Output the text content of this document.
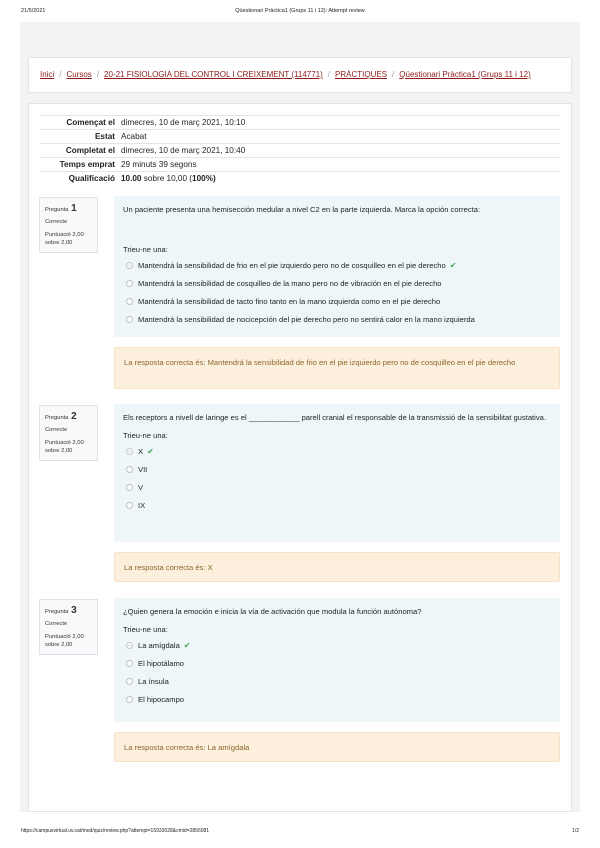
21/5/2021	Qüestionari Pràctica1 (Grups 11 i 12): Attempt review
Inici / Cursos / 20-21 FISIOLOGIA DEL CONTROL I CREIXEMENT (114771) / PRÀCTIQUES / Qüestionari Pràctica1 (Grups 11 i 12)
Començat el dimecres, 10 de març 2021, 10:10
Estat Acabat
Completat el dimecres, 10 de març 2021, 10:40
Temps emprat 29 minuts 39 segons
Qualificació 10.00 sobre 10,00 (100%)
Pregunta 1
Correcte
Puntuació 2,00 sobre 2,00
Un paciente presenta una hemisección medular a nivel C2 en la parte izquierda. Marca la opción correcta:
Trieu-ne una:
Mantendrá la sensibilidad de frio en el pie izquierdo pero no de cosquilleo en el pie derecho ✔
Mantendrá la sensibilidad de cosquilleo de la mano pero no de vibración en el pie derecho
Mantendrá la sensibilidad de tacto fino tanto en la mano izquierda como en el pie derecho
Mantendrá la sensibilidad de nocicepción del pie derecho pero no sentirá calor en la mano izquierda
La resposta correcta és: Mantendrá la sensibilidad de frio en el pie izquierdo pero no de cosquilleo en el pie derecho
Pregunta 2
Correcte
Puntuació 2,00 sobre 2,00
Els receptors a nivell de laringe es el ____________ parell cranial el responsable de la transmissió de la sensibilitat gustativa.
Trieu-ne una:
X ✔
VII
V
IX
La resposta correcta és: X
Pregunta 3
Correcte
Puntuació 2,00 sobre 2,00
¿Quien genera la emoción e inicia la vía de activación que modula la función autónoma?
Trieu-ne una:
La amígdala ✔
El hipotálamo
La ínsula
El hipocampo
La resposta correcta és: La amígdala
https://campusvirtual.uv.cat/mod/quiz/review.php?attempt=15933028&cmid=2856081	1/2
